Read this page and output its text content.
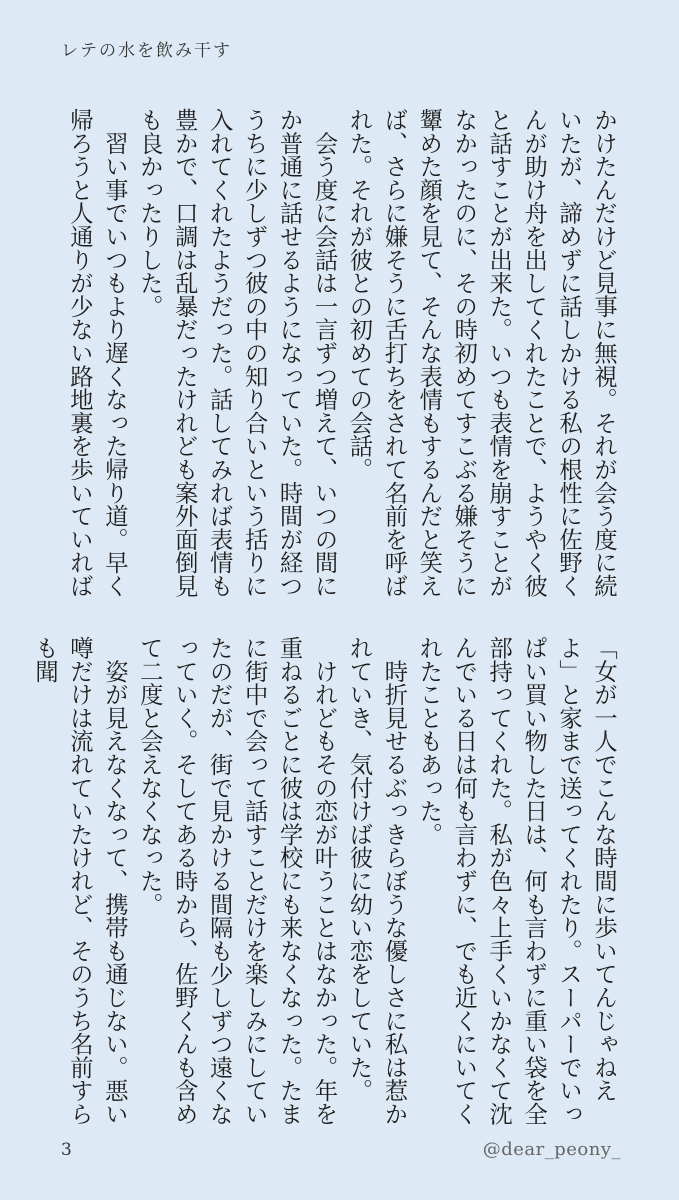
レテの水を飲み干す

かけたんだけど見事に無視。それが会う度に続いたが、諦めずに話しかける私の根性に佐野くんが助け舟を出してくれたことで、ようやく彼と話すことが出来た。いつも表情を崩すことがなかったのに、その時初めてすこぶる嫌そうに顰めた顔を見て、そんな表情もするんだと笑えば、さらに嫌そうに舌打ちをされて名前を呼ばれた。それが彼との初めての会話。

　会う度に会話は一言ずつ増えて、いつの間にか普通に話せるようになっていた。時間が経つうちに少しずつ彼の中の知り合いという括りに入れてくれたようだった。話してみれば表情も豊かで、口調は乱暴だったけれども案外面倒見も良かったりした。

　習い事でいつもより遅くなった帰り道。早く帰ろうと人通りが少ない路地裏を歩いていれば

「女が一人でこんな時間に歩いてんじゃねえよ」と家まで送ってくれたり。スーパーでいっぱい買い物した日は、何も言わずに重い袋を全部持ってくれた。私が色々上手くいかなくて沈んでいる日は何も言わずに、でも近くにいてくれたこともあった。

　時折見せるぶっきらぼうな優しさに私は惹かれていき、気付けば彼に幼い恋をしていた。

　けれどもその恋が叶うことはなかった。年を重ねるごとに彼は学校にも来なくなった。たまに街中で会って話すことだけを楽しみにしていたのだが、街で見かける間隔も少しずつ遠くなっていく。そしてある時から、佐野くんも含めて二度と会えなくなった。

　姿が見えなくなって、携帯も通じない。悪い噂だけは流れていたけれど、そのうち名前すらも聞

3	@dear_peony_
